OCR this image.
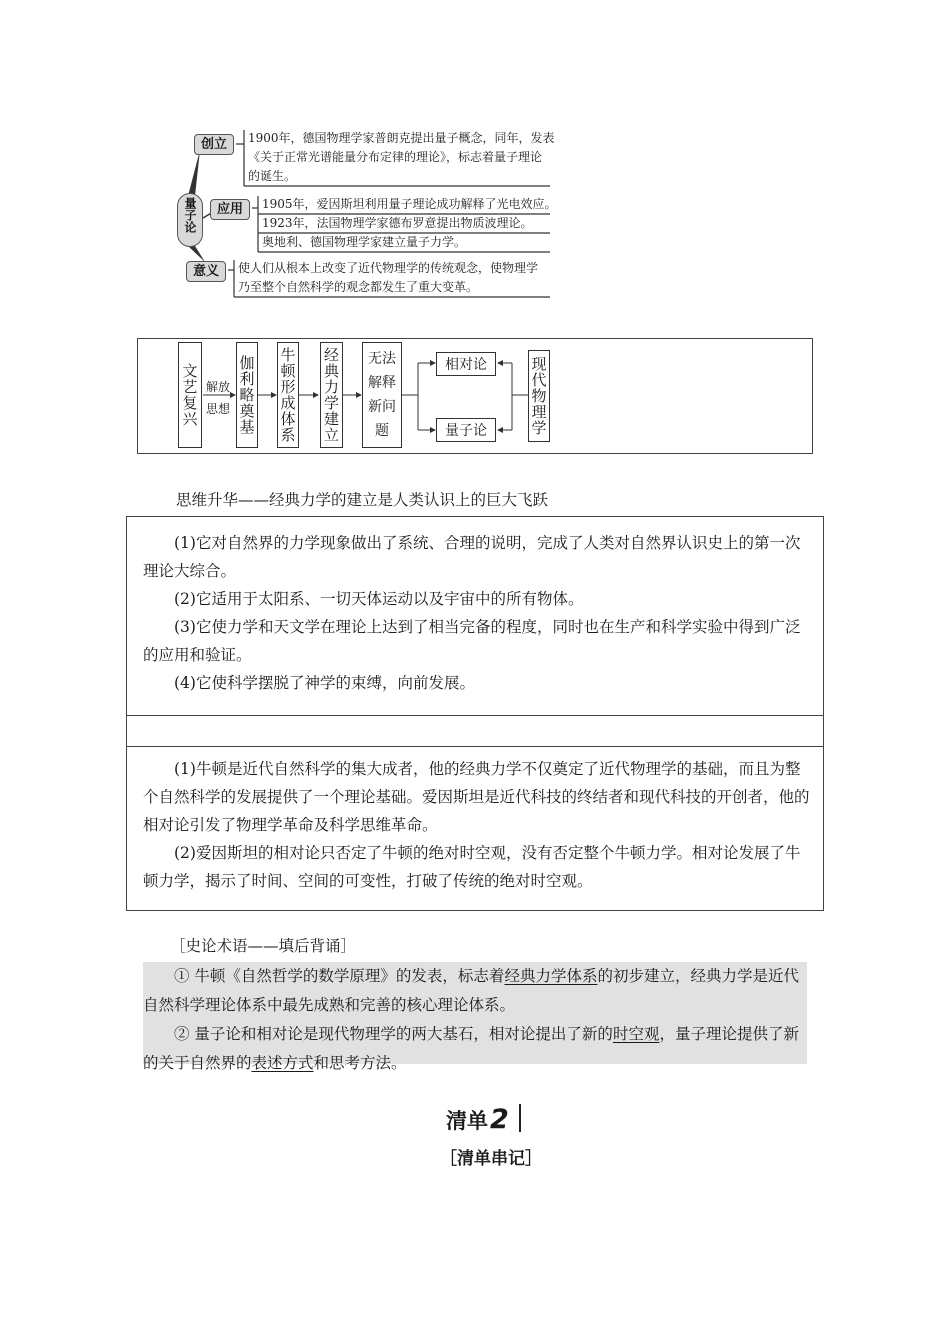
量子论
创立
应用
意义
1900年，德国物理学家普朗克提出量子概念，同年，发表
《关于正常光谱能量分布定律的理论》，标志着量子理论
的诞生。
1905年，爱因斯坦利用量子理论成功解释了光电效应。
1923年，法国物理学家德布罗意提出物质波理论。
奥地利、德国物理学家建立量子力学。
使人们从根本上改变了近代物理学的传统观念，使物理学
乃至整个自然科学的观念都发生了重大变革。
文艺复兴 解放
思想 伽利略奠基 牛顿形成体系 经典力学建立 无法解释新问题
相对论
量子论	现代物理学
思维升华——经典力学的建立是人类认识上的巨大飞跃

(1)它对自然界的力学现象做出了系统、合理的说明，完成了人类对自然界认识史上的第一次理论大综合。

(2)它适用于太阳系、一切天体运动以及宇宙中的所有物体。

(3)它使力学和天文学在理论上达到了相当完备的程度，同时也在生产和科学实验中得到广泛的应用和验证。

(4)它使科学摆脱了神学的束缚，向前发展。

(1)牛顿是近代自然科学的集大成者，他的经典力学不仅奠定了近代物理学的基础，而且为整个自然科学的发展提供了一个理论基础。爱因斯坦是近代科技的终结者和现代科技的开创者，他的相对论引发了物理学革命及科学思维革命。

(2)爱因斯坦的相对论只否定了牛顿的绝对时空观，没有否定整个牛顿力学。相对论发展了牛顿力学，揭示了时间、空间的可变性，打破了传统的绝对时空观。

［史论术语——填后背诵］

① 牛顿《自然哲学的数学原理》的发表，标志着经典力学体系的初步建立，经典力学是近代自然科学理论体系中最先成熟和完善的核心理论体系。

② 量子论和相对论是现代物理学的两大基石，相对论提出了新的时空观，量子理论提供了新的关于自然界的表述方式和思考方法。

清单2
［清单串记］
